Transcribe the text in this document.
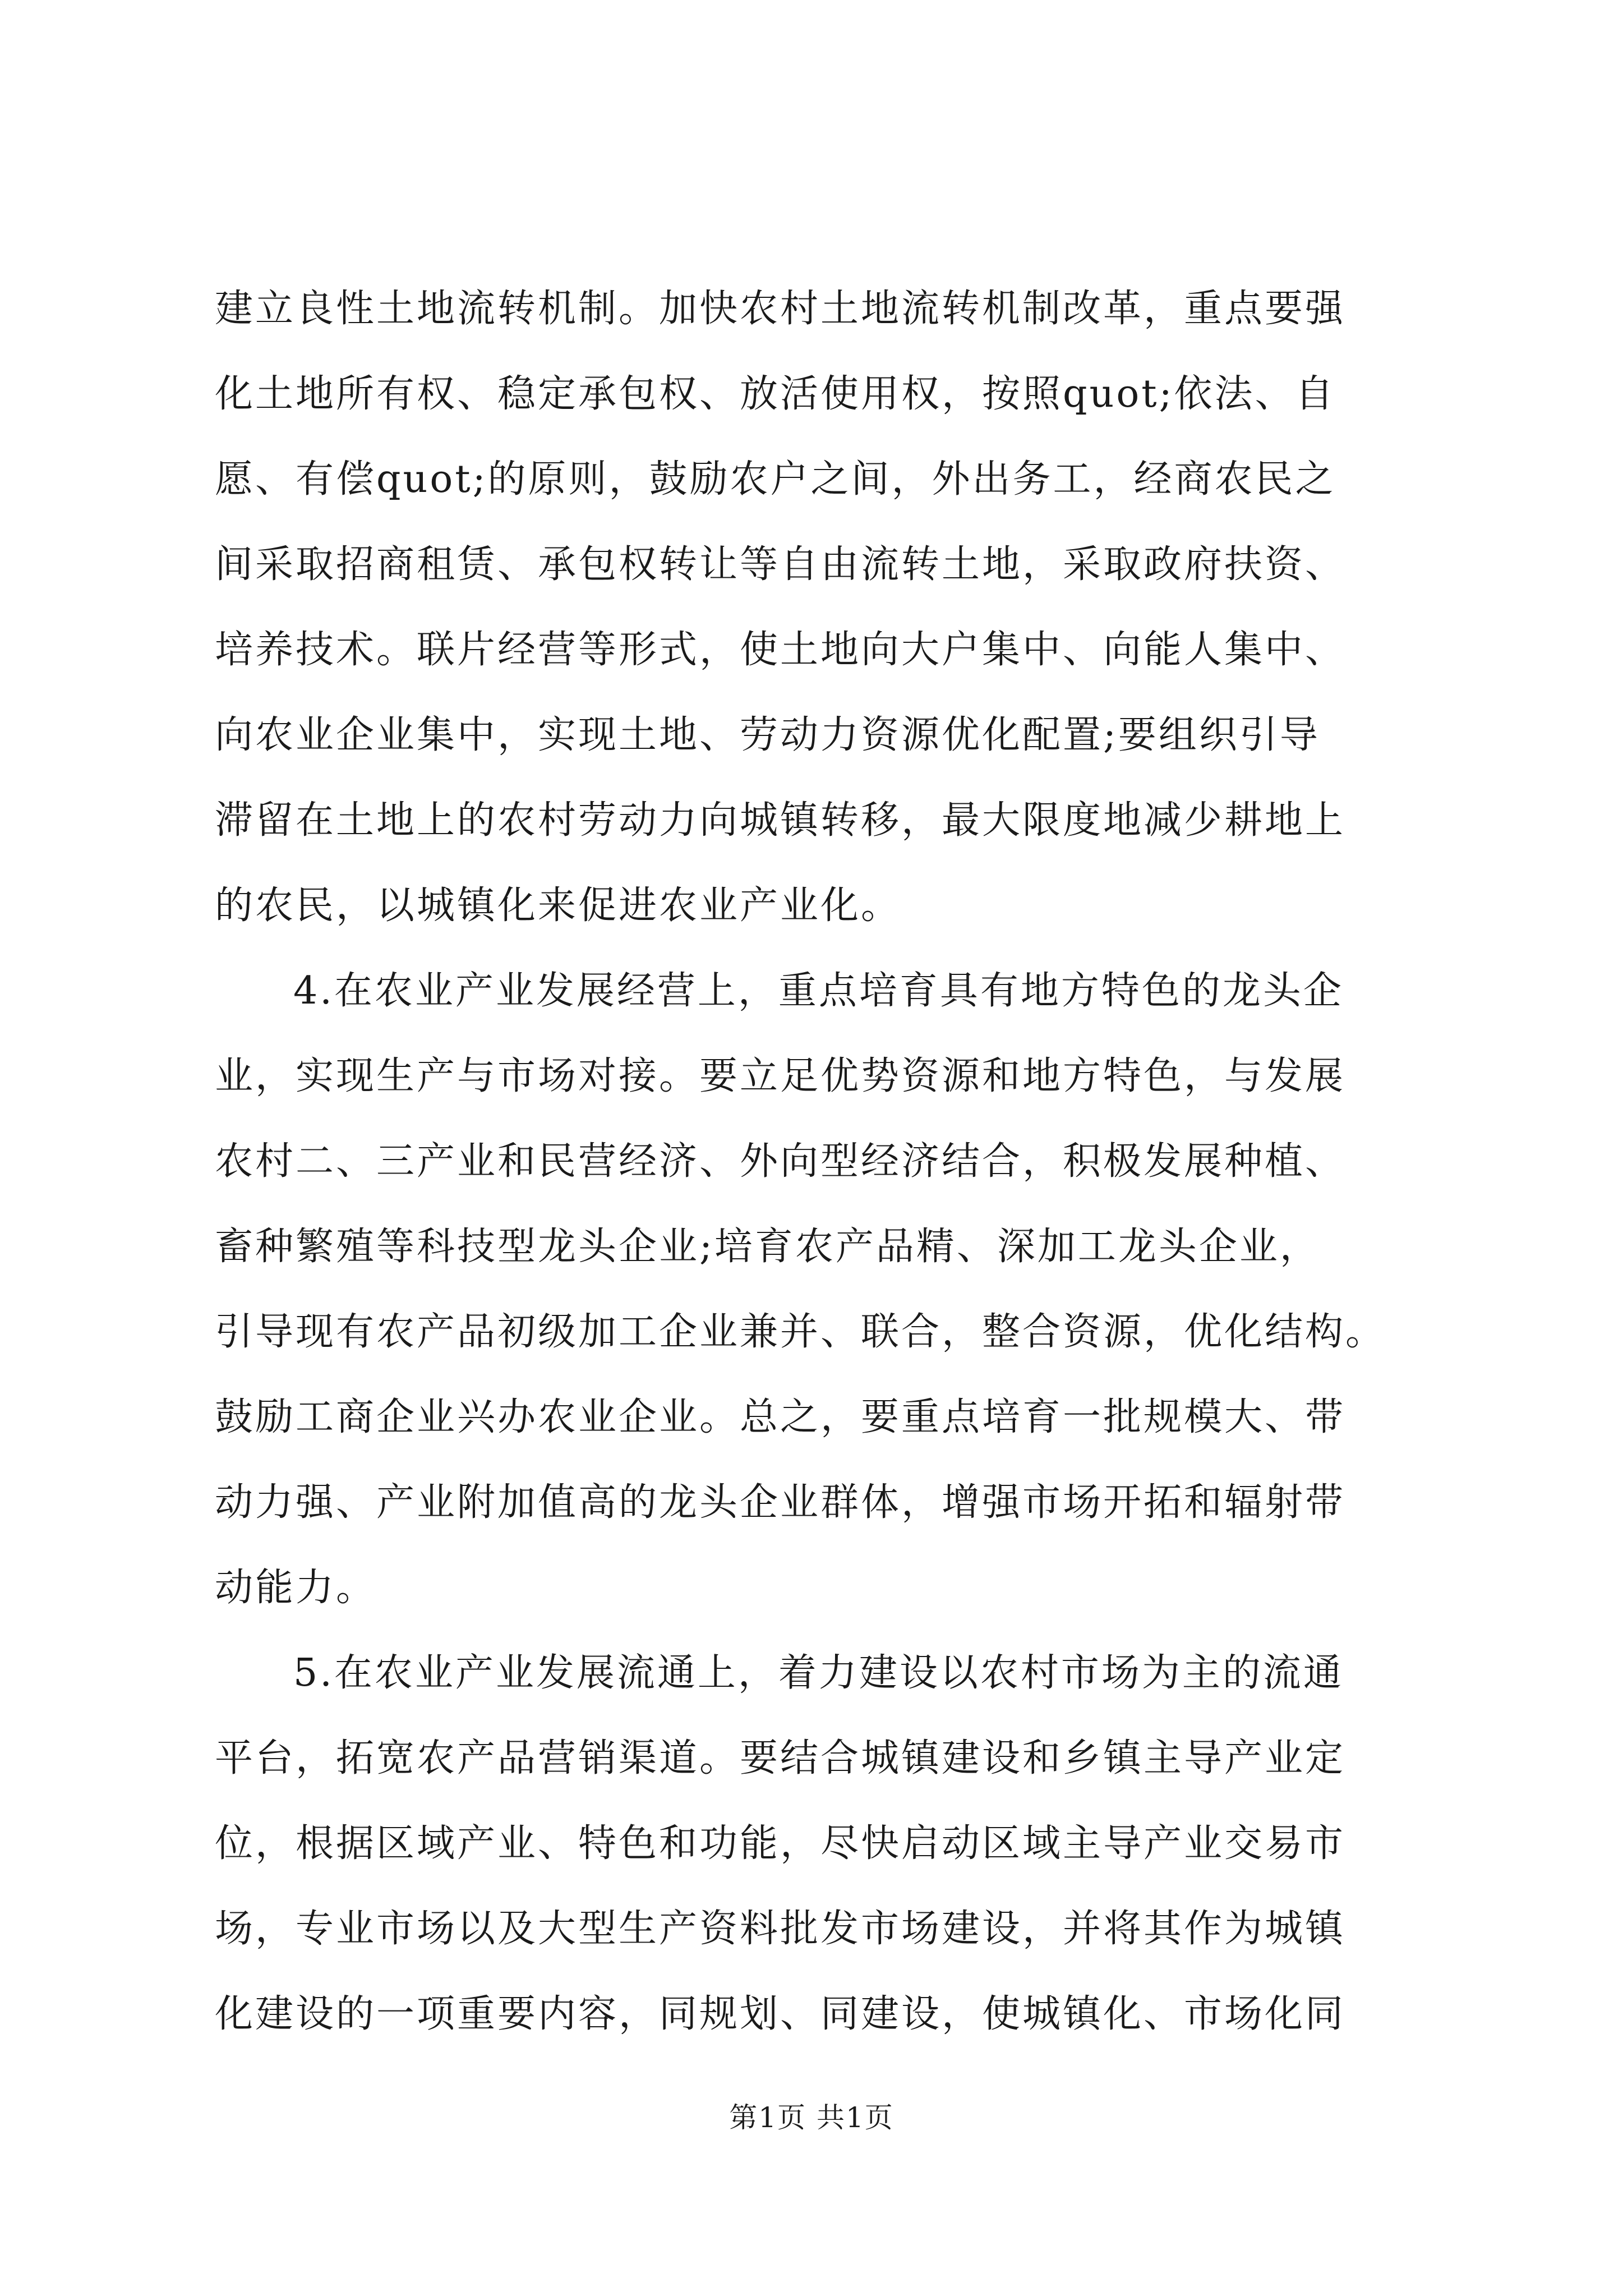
建立良性土地流转机制。加快农村土地流转机制改革，重点要强
化土地所有权、稳定承包权、放活使用权，按照quot;依法、自
愿、有偿quot;的原则，鼓励农户之间，外出务工，经商农民之
间采取招商租赁、承包权转让等自由流转土地，采取政府扶资、
培养技术。联片经营等形式，使土地向大户集中、向能人集中、
向农业企业集中，实现土地、劳动力资源优化配置;要组织引导
滞留在土地上的农村劳动力向城镇转移，最大限度地减少耕地上
的农民，以城镇化来促进农业产业化。
4.在农业产业发展经营上，重点培育具有地方特色的龙头企
业，实现生产与市场对接。要立足优势资源和地方特色，与发展
农村二、三产业和民营经济、外向型经济结合，积极发展种植、
畜种繁殖等科技型龙头企业;培育农产品精、深加工龙头企业，
引导现有农产品初级加工企业兼并、联合，整合资源，优化结构。
鼓励工商企业兴办农业企业。总之，要重点培育一批规模大、带
动力强、产业附加值高的龙头企业群体，增强市场开拓和辐射带
动能力。
5.在农业产业发展流通上，着力建设以农村市场为主的流通
平台，拓宽农产品营销渠道。要结合城镇建设和乡镇主导产业定
位，根据区域产业、特色和功能，尽快启动区域主导产业交易市
场，专业市场以及大型生产资料批发市场建设，并将其作为城镇
化建设的一项重要内容，同规划、同建设，使城镇化、市场化同
第1页 共1页
